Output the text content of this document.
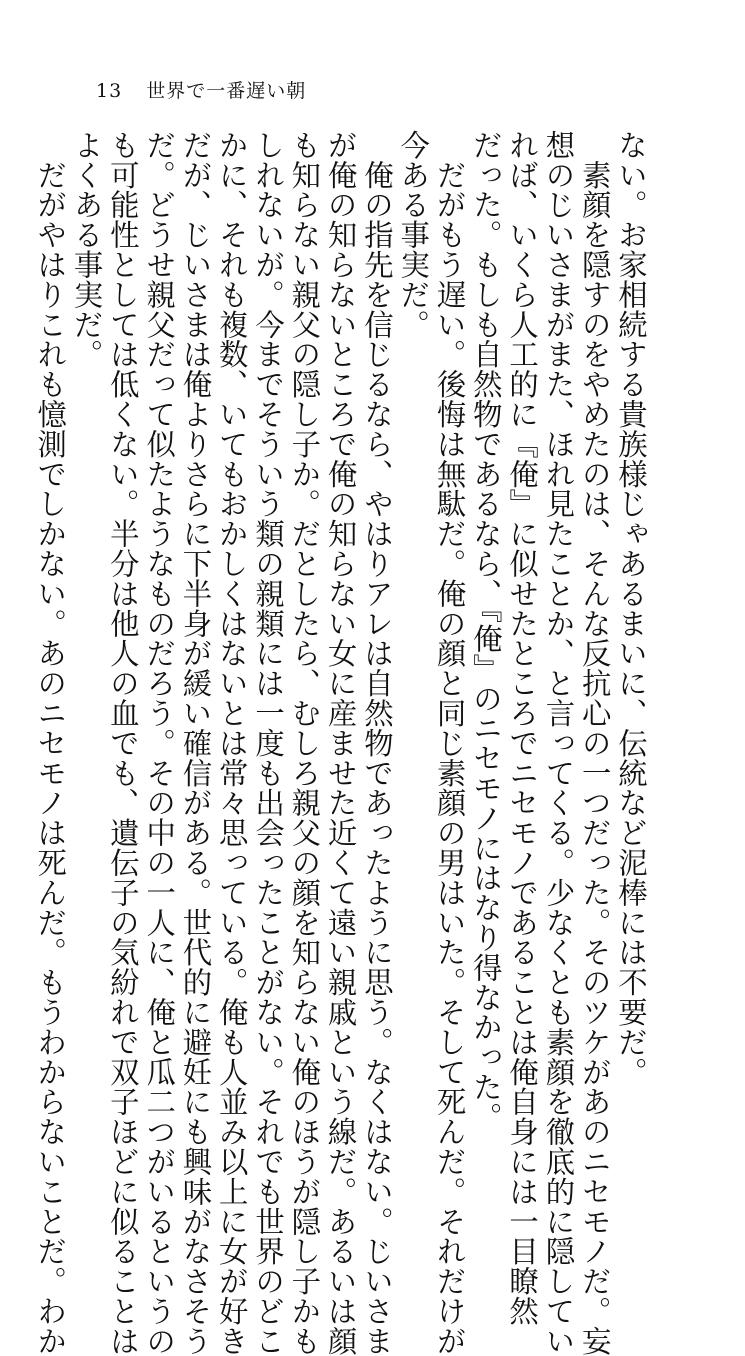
13 世界で一番遅い朝

ない。お家相続する貴族様じゃあるまいに、伝統など泥棒には不要だ。

　素顔を隠すのをやめたのは、そんな反抗心の一つだった。そのツケがあのニセモノだ。妄

想のじいさまがまた、ほれ見たことか、と言ってくる。少なくとも素顔を徹底的に隠してい

れば、いくら人工的に『俺』に似せたところでニセモノであることは俺自身には一目瞭然

だった。もしも自然物であるなら、『俺』のニセモノにはなり得なかった。

　だがもう遅い。後悔は無駄だ。俺の顔と同じ素顔の男はいた。そして死んだ。それだけが

今ある事実だ。

　俺の指先を信じるなら、やはりアレは自然物であったように思う。なくはない。じいさま

が俺の知らないところで俺の知らない女に産ませた近くて遠い親戚という線だ。あるいは顔

も知らない親父の隠し子か。だとしたら、むしろ親父の顔を知らない俺のほうが隠し子かも

しれないが。今までそういう類の親類には一度も出会ったことがない。それでも世界のどこ

かに、それも複数、いてもおかしくはないとは常々思っている。俺も人並み以上に女が好き

だが、じいさまは俺よりさらに下半身が緩い確信がある。世代的に避妊にも興味がなさそう

だ。どうせ親父だって似たようなものだろう。その中の一人に、俺と瓜二つがいるというの

も可能性としては低くない。半分は他人の血でも、遺伝子の気紛れで双子ほどに似ることは

よくある事実だ。

　だがやはりこれも憶測でしかない。あのニセモノは死んだ。もうわからないことだ。わか
